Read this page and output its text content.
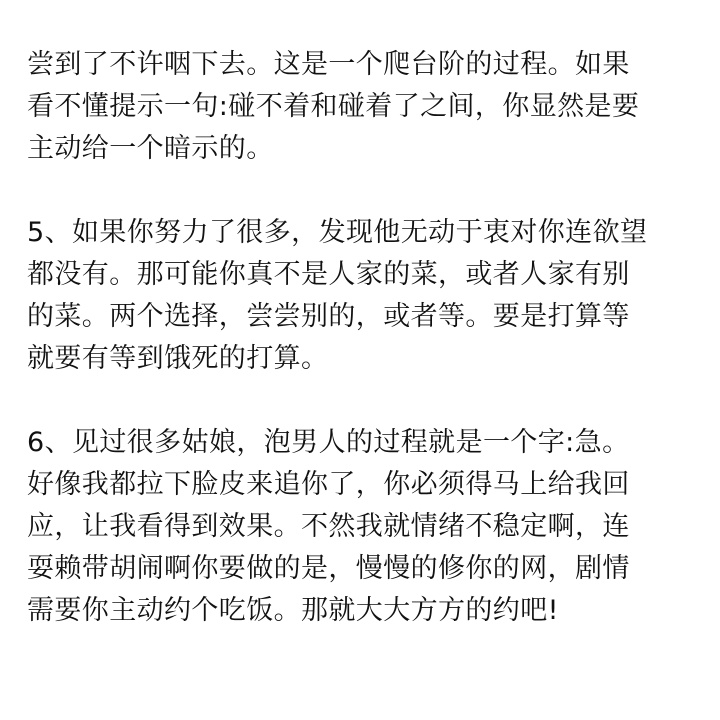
尝到了不许咽下去。这是一个爬台阶的过程。如果
看不懂提示一句:碰不着和碰着了之间，你显然是要
主动给一个暗示的。
5、如果你努力了很多，发现他无动于衷对你连欲望
都没有。那可能你真不是人家的菜，或者人家有别
的菜。两个选择，尝尝别的，或者等。要是打算等
就要有等到饿死的打算。
6、见过很多姑娘，泡男人的过程就是一个字:急。
好像我都拉下脸皮来追你了，你必须得马上给我回
应，让我看得到效果。不然我就情绪不稳定啊，连
耍赖带胡闹啊你要做的是，慢慢的修你的网，剧情
需要你主动约个吃饭。那就大大方方的约吧!
